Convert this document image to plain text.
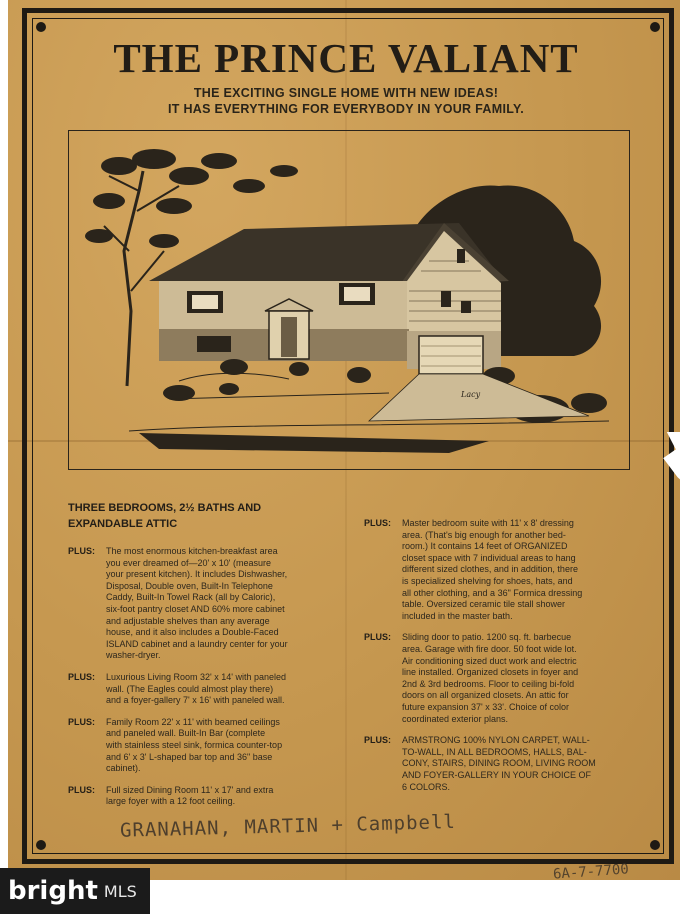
THE PRINCE VALIANT
THE EXCITING SINGLE HOME WITH NEW IDEAS!
IT HAS EVERYTHING FOR EVERYBODY IN YOUR FAMILY.
Lacy
THREE BEDROOMS, 2½ BATHS AND
EXPANDABLE ATTIC
PLUS: The most enormous kitchen-breakfast area
you ever dreamed of—20' x 10' (measure
your present kitchen). It includes Dishwasher,
Disposal, Double oven, Built-In Telephone
Caddy, Built-In Towel Rack (all by Caloric),
six-foot pantry closet AND 60% more cabinet
and adjustable shelves than any average
house, and it also includes a Double-Faced
ISLAND cabinet and a laundry center for your
washer-dryer.
PLUS: Luxurious Living Room 32' x 14' with paneled
wall. (The Eagles could almost play there)
and a foyer-gallery 7' x 16' with paneled wall.
PLUS: Family Room 22' x 11' with beamed ceilings
and paneled wall. Built-In Bar (complete
with stainless steel sink, formica counter-top
and 6' x 3' L-shaped bar top and 36" base
cabinet).
PLUS: Full sized Dining Room 11' x 17' and extra
large foyer with a 12 foot ceiling.
PLUS: Master bedroom suite with 11' x 8' dressing
area. (That's big enough for another bed-
room.) It contains 14 feet of ORGANIZED
closet space with 7 individual areas to hang
different sized clothes, and in addition, there
is specialized shelving for shoes, hats, and
all other clothing, and a 36" Formica dressing
table. Oversized ceramic tile stall shower
included in the master bath.
PLUS: Sliding door to patio. 1200 sq. ft. barbecue
area. Garage with fire door. 50 foot wide lot.
Air conditioning sized duct work and electric
line installed. Organized closets in foyer and
2nd & 3rd bedrooms. Floor to ceiling bi-fold
doors on all organized closets. An attic for
future expansion 37' x 33'. Choice of color
coordinated exterior plans.
PLUS: ARMSTRONG 100% NYLON CARPET, WALL-
TO-WALL, IN ALL BEDROOMS, HALLS, BAL-
CONY, STAIRS, DINING ROOM, LIVING ROOM
AND FOYER-GALLERY IN YOUR CHOICE OF
6 COLORS.
GRANAHAN, MARTIN + Campbell
6A-7-7700
bright MLS
